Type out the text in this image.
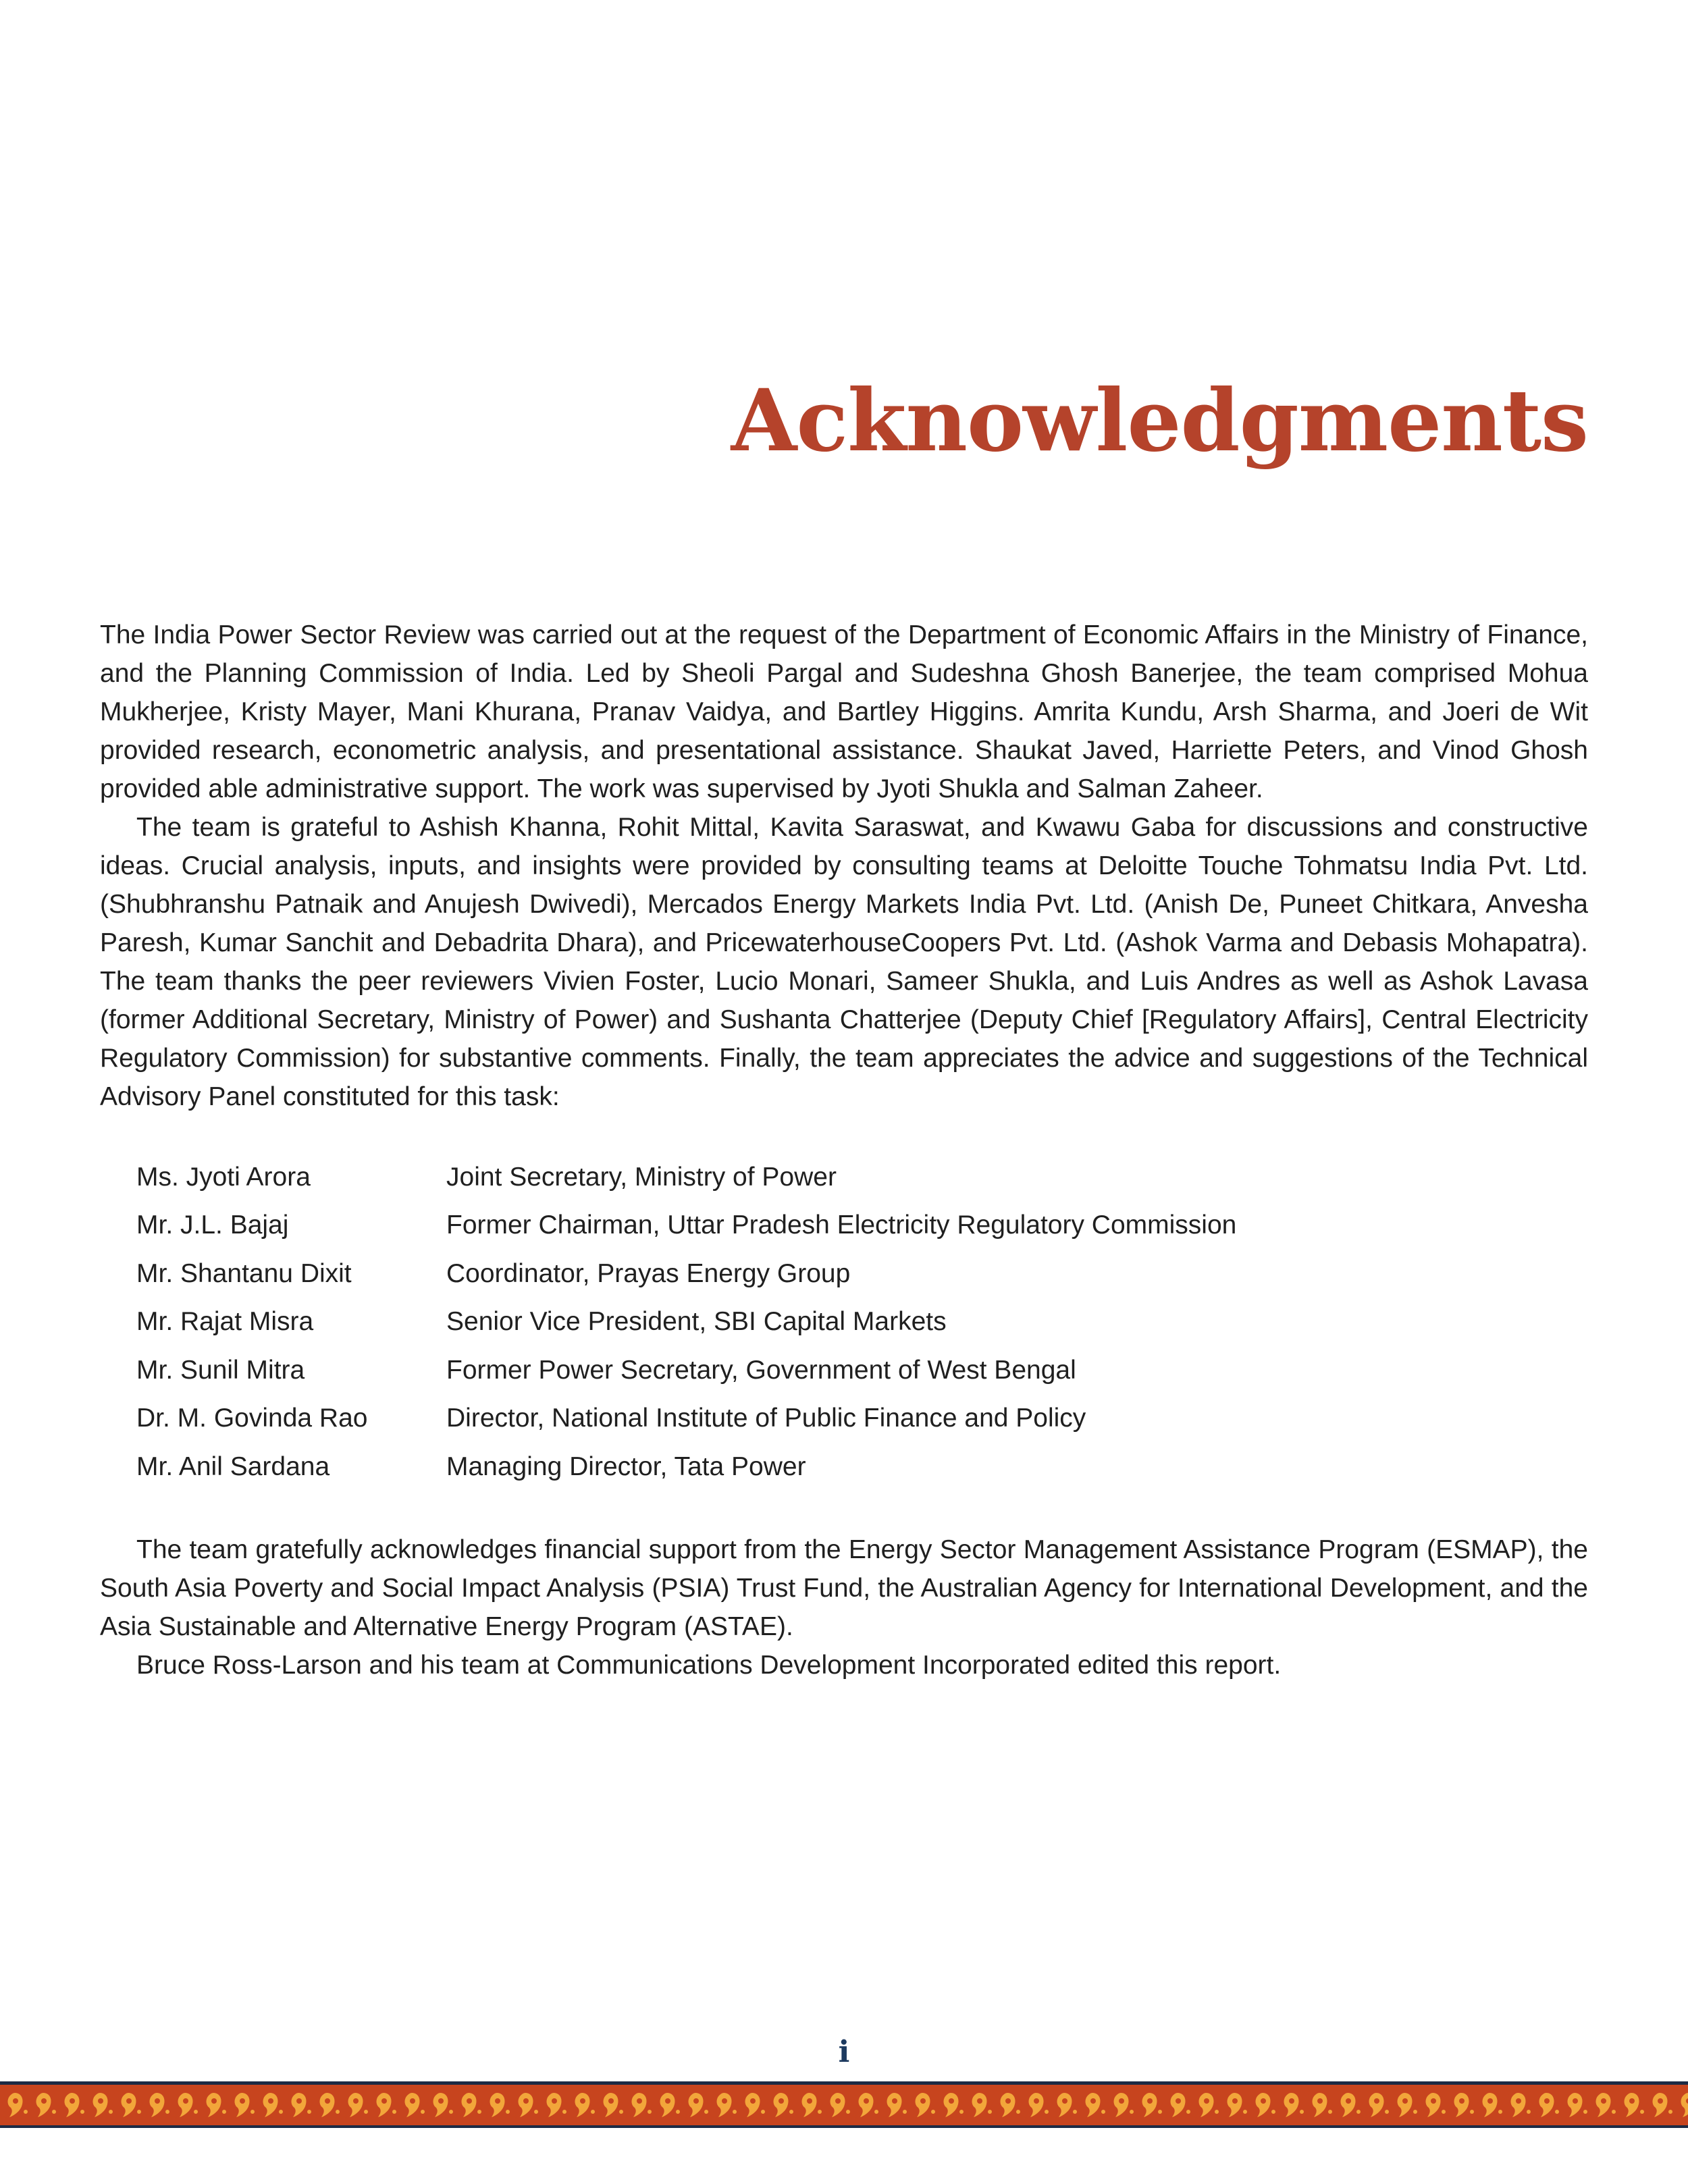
Acknowledgments

The India Power Sector Review was carried out at the request of the Department of Economic Affairs in the Ministry of Finance, and the Planning Commission of India. Led by Sheoli Pargal and Sudeshna Ghosh Banerjee, the team comprised Mohua Mukherjee, Kristy Mayer, Mani Khurana, Pranav Vaidya, and Bartley Higgins. Amrita Kundu, Arsh Sharma, and Joeri de Wit provided research, econometric analysis, and presentational assistance. Shaukat Javed, Harriette Peters, and Vinod Ghosh provided able administrative support. The work was supervised by Jyoti Shukla and Salman Zaheer.

The team is grateful to Ashish Khanna, Rohit Mittal, Kavita Saraswat, and Kwawu Gaba for discussions and constructive ideas. Crucial analysis, inputs, and insights were provided by consulting teams at Deloitte Touche Tohmatsu India Pvt. Ltd. (Shubhranshu Patnaik and Anujesh Dwivedi), Mercados Energy Markets India Pvt. Ltd. (Anish De, Puneet Chitkara, Anvesha Paresh, Kumar Sanchit and Debadrita Dhara), and PricewaterhouseCoopers Pvt. Ltd. (Ashok Varma and Debasis Mohapatra). The team thanks the peer reviewers Vivien Foster, Lucio Monari, Sameer Shukla, and Luis Andres as well as Ashok Lavasa (former Additional Secretary, Ministry of Power) and Sushanta Chatterjee (Deputy Chief [Regulatory Affairs], Central Electricity Regulatory Commission) for substantive comments. Finally, the team appreciates the advice and suggestions of the Technical Advisory Panel constituted for this task:

Ms. Jyoti Arora	Joint Secretary, Ministry of Power
Mr. J.L. Bajaj	Former Chairman, Uttar Pradesh Electricity Regulatory Commission
Mr. Shantanu Dixit	Coordinator, Prayas Energy Group
Mr. Rajat Misra	Senior Vice President, SBI Capital Markets
Mr. Sunil Mitra	Former Power Secretary, Government of West Bengal
Dr. M. Govinda Rao	Director, National Institute of Public Finance and Policy
Mr. Anil Sardana	Managing Director, Tata Power

The team gratefully acknowledges financial support from the Energy Sector Management Assistance Program (ESMAP), the South Asia Poverty and Social Impact Analysis (PSIA) Trust Fund, the Australian Agency for International Development, and the Asia Sustainable and Alternative Energy Program (ASTAE).

Bruce Ross-Larson and his team at Communications Development Incorporated edited this report.

i
